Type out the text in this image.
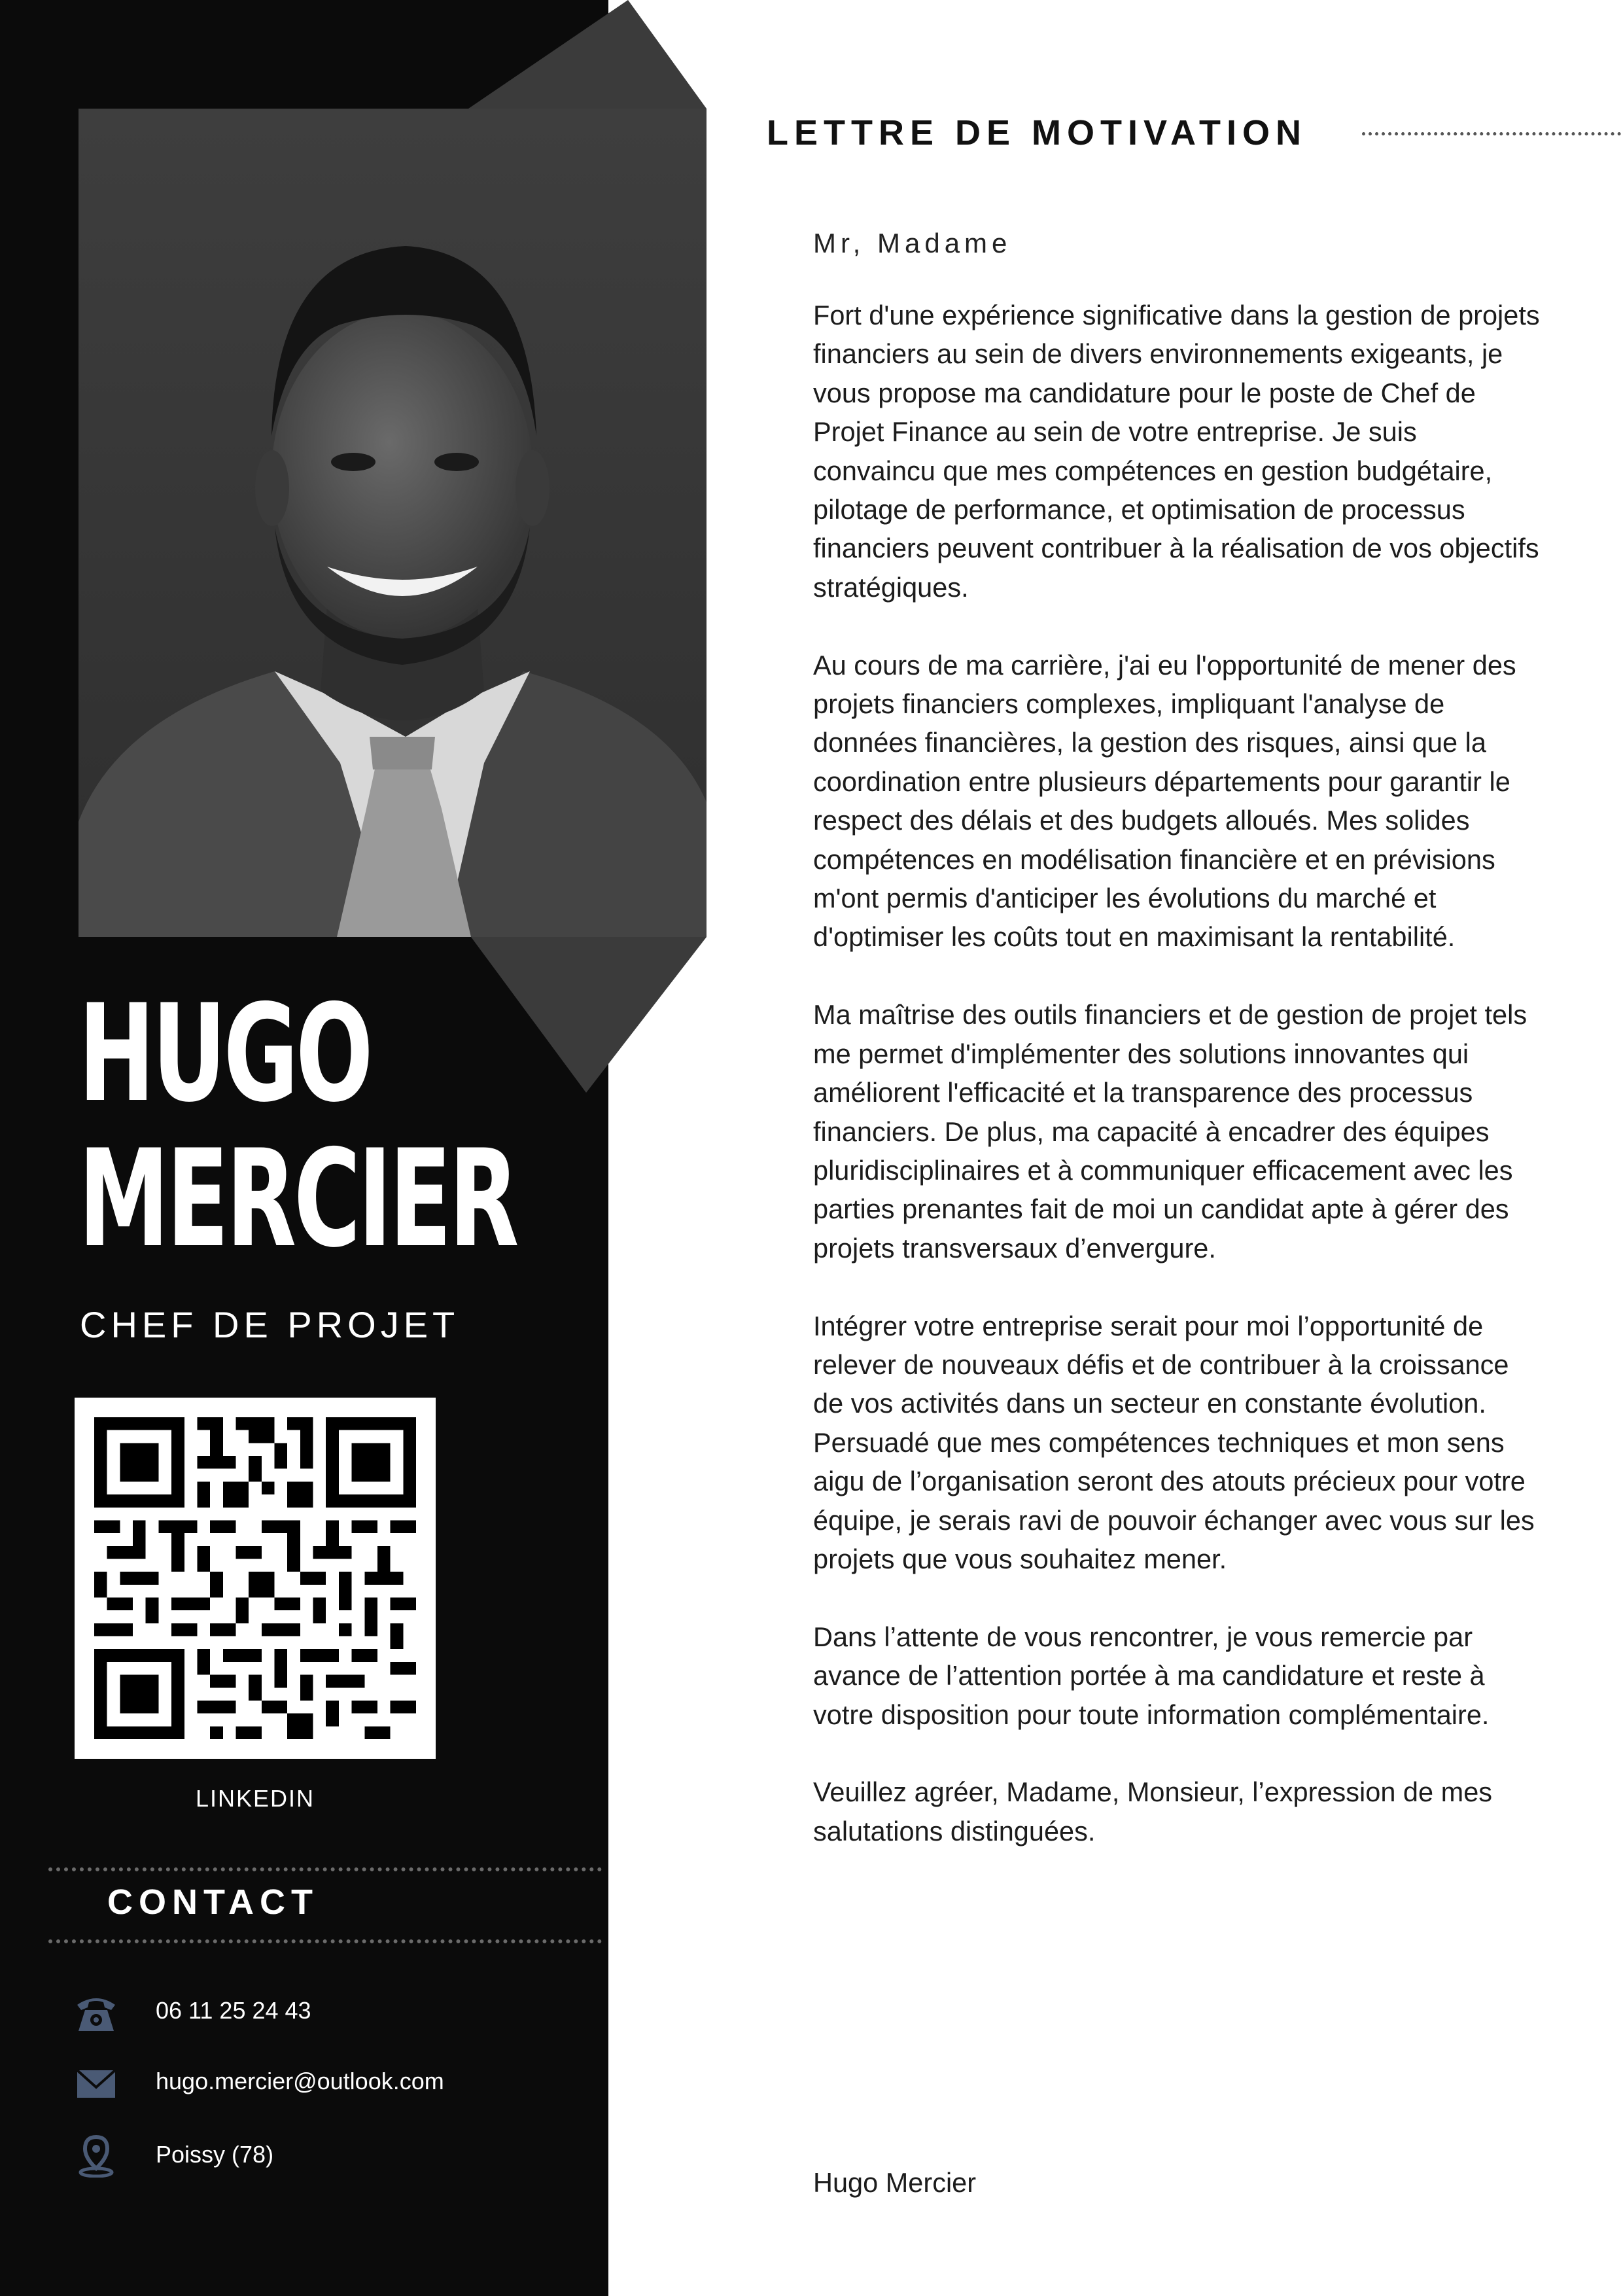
HUGO
MERCIER
CHEF DE PROJET
LINKEDIN
CONTACT
06 11 25 24 43
hugo.mercier@outlook.com
Poissy (78)
LETTRE DE MOTIVATION
Mr, Madame

Fort d'une expérience significative dans la gestion de projets financiers au sein de divers environnements exigeants, je vous propose ma candidature pour le poste de Chef de Projet Finance au sein de votre entreprise. Je suis convaincu que mes compétences en gestion budgétaire, pilotage de performance, et optimisation de processus financiers peuvent contribuer à la réalisation de vos objectifs stratégiques.

Au cours de ma carrière, j'ai eu l'opportunité de mener des projets financiers complexes, impliquant l'analyse de données financières, la gestion des risques, ainsi que la coordination entre plusieurs départements pour garantir le respect des délais et des budgets alloués. Mes solides compétences en modélisation financière et en prévisions m'ont permis d'anticiper les évolutions du marché et d'optimiser les coûts tout en maximisant la rentabilité.

Ma maîtrise des outils financiers et de gestion de projet tels me permet d'implémenter des solutions innovantes qui améliorent l'efficacité et la transparence des processus financiers. De plus, ma capacité à encadrer des équipes pluridisciplinaires et à communiquer efficacement avec les parties prenantes fait de moi un candidat apte à gérer des projets transversaux d’envergure.

Intégrer votre entreprise serait pour moi l’opportunité de relever de nouveaux défis et de contribuer à la croissance de vos activités dans un secteur en constante évolution. Persuadé que mes compétences techniques et mon sens aigu de l’organisation seront des atouts précieux pour votre équipe, je serais ravi de pouvoir échanger avec vous sur les projets que vous souhaitez mener.

Dans l’attente de vous rencontrer, je vous remercie par avance de l’attention portée à ma candidature et reste à votre disposition pour toute information complémentaire.

Veuillez agréer, Madame, Monsieur, l’expression de mes salutations distinguées.

Hugo Mercier
